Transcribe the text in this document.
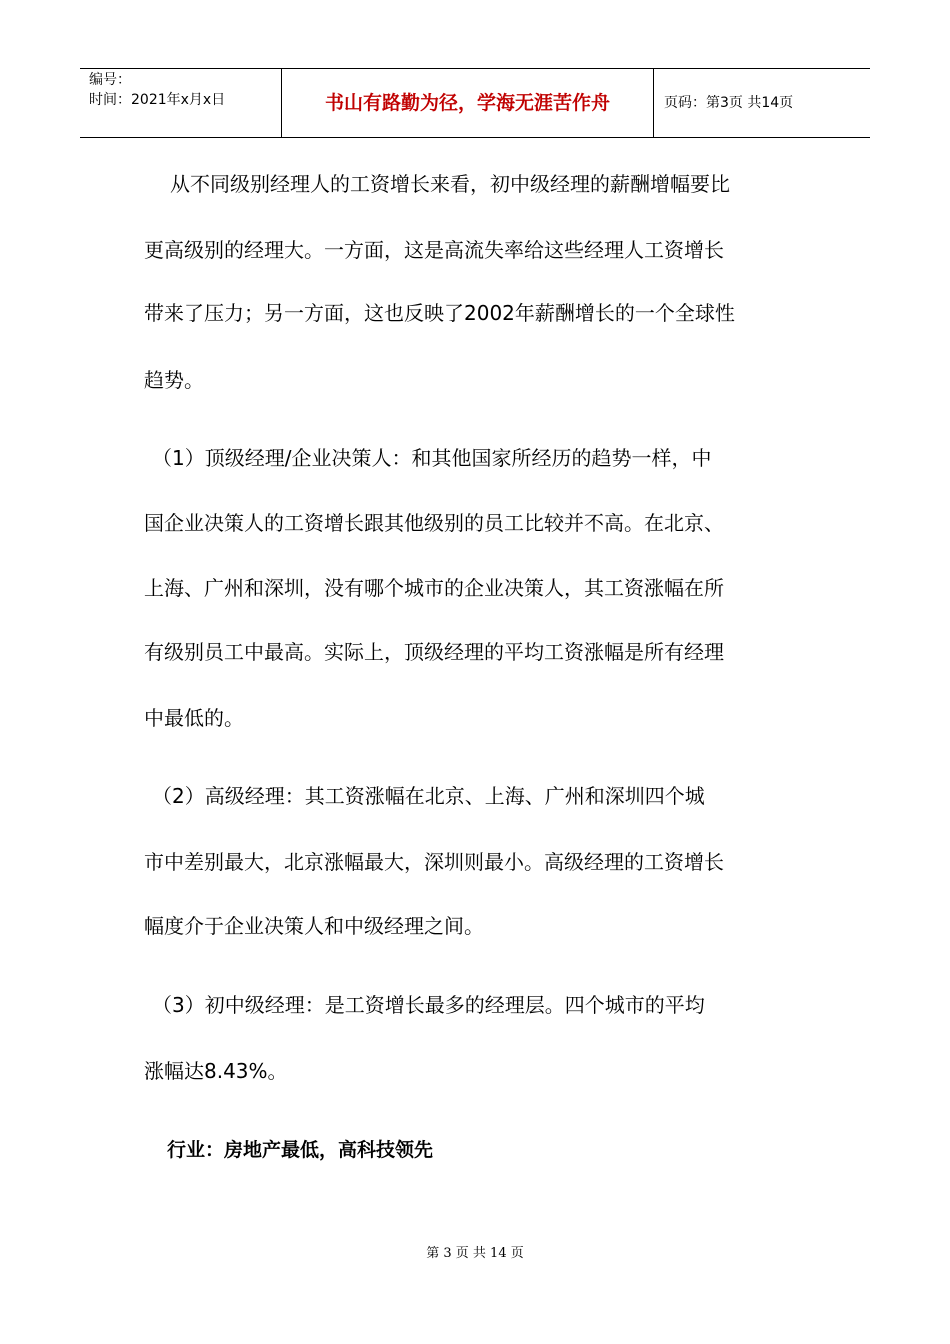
编号：
时间：2021年x月x日	书山有路勤为径，学海无涯苦作舟	页码：第3页 共14页
从不同级别经理人的工资增长来看，初中级经理的薪酬增幅要比
更高级别的经理大。一方面，这是高流失率给这些经理人工资增长
带来了压力；另一方面，这也反映了2002年薪酬增长的一个全球性
趋势。
（1）顶级经理/企业决策人：和其他国家所经历的趋势一样，中
国企业决策人的工资增长跟其他级别的员工比较并不高。在北京、
上海、广州和深圳，没有哪个城市的企业决策人，其工资涨幅在所
有级别员工中最高。实际上，顶级经理的平均工资涨幅是所有经理
中最低的。
（2）高级经理：其工资涨幅在北京、上海、广州和深圳四个城
市中差别最大，北京涨幅最大，深圳则最小。高级经理的工资增长
幅度介于企业决策人和中级经理之间。
（3）初中级经理：是工资增长最多的经理层。四个城市的平均
涨幅达8.43%。
行业：房地产最低，高科技领先
第 3 页 共 14 页
